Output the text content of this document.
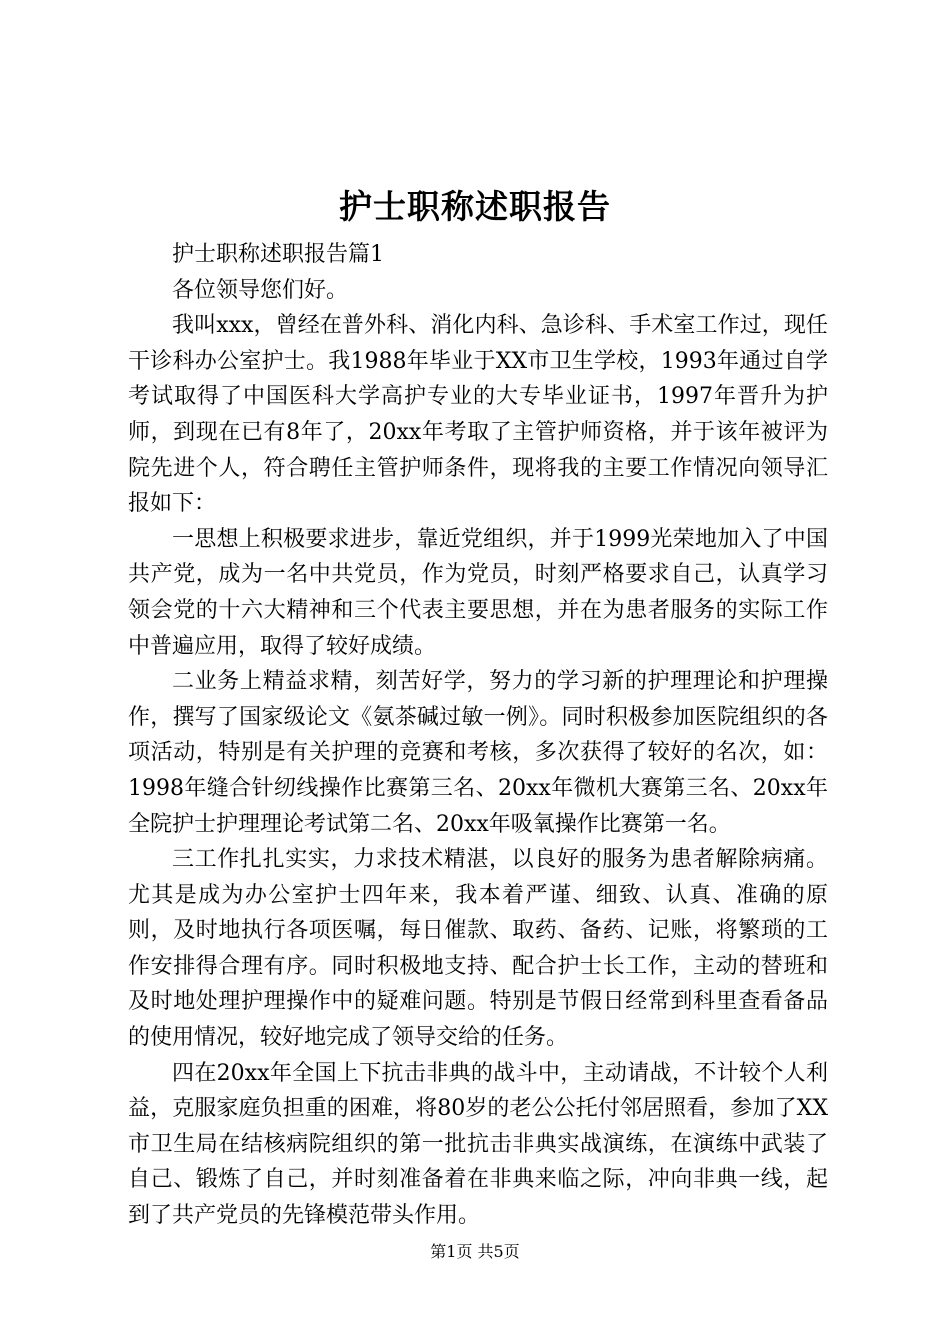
护士职称述职报告

护士职称述职报告篇1

各位领导您们好。

我叫xxx，曾经在普外科、消化内科、急诊科、手术室工作过，现任干诊科办公室护士。我1988年毕业于XX市卫生学校，1993年通过自学考试取得了中国医科大学高护专业的大专毕业证书，1997年晋升为护师，到现在已有8年了，20xx年考取了主管护师资格，并于该年被评为院先进个人，符合聘任主管护师条件，现将我的主要工作情况向领导汇报如下：

一思想上积极要求进步，靠近党组织，并于1999光荣地加入了中国共产党，成为一名中共党员，作为党员，时刻严格要求自己，认真学习领会党的十六大精神和三个代表主要思想，并在为患者服务的实际工作中普遍应用，取得了较好成绩。

二业务上精益求精，刻苦好学，努力的学习新的护理理论和护理操作，撰写了国家级论文《氨茶碱过敏一例》。同时积极参加医院组织的各项活动，特别是有关护理的竞赛和考核，多次获得了较好的名次，如：1998年缝合针纫线操作比赛第三名、20xx年微机大赛第三名、20xx年全院护士护理理论考试第二名、20xx年吸氧操作比赛第一名。

三工作扎扎实实，力求技术精湛，以良好的服务为患者解除病痛。尤其是成为办公室护士四年来，我本着严谨、细致、认真、准确的原则，及时地执行各项医嘱，每日催款、取药、备药、记账，将繁琐的工作安排得合理有序。同时积极地支持、配合护士长工作，主动的替班和及时地处理护理操作中的疑难问题。特别是节假日经常到科里查看备品的使用情况，较好地完成了领导交给的任务。

四在20xx年全国上下抗击非典的战斗中，主动请战，不计较个人利益，克服家庭负担重的困难，将80岁的老公公托付邻居照看，参加了XX市卫生局在结核病院组织的第一批抗击非典实战演练，在演练中武装了自己、锻炼了自己，并时刻准备着在非典来临之际，冲向非典一线，起到了共产党员的先锋模范带头作用。

第1页 共5页
